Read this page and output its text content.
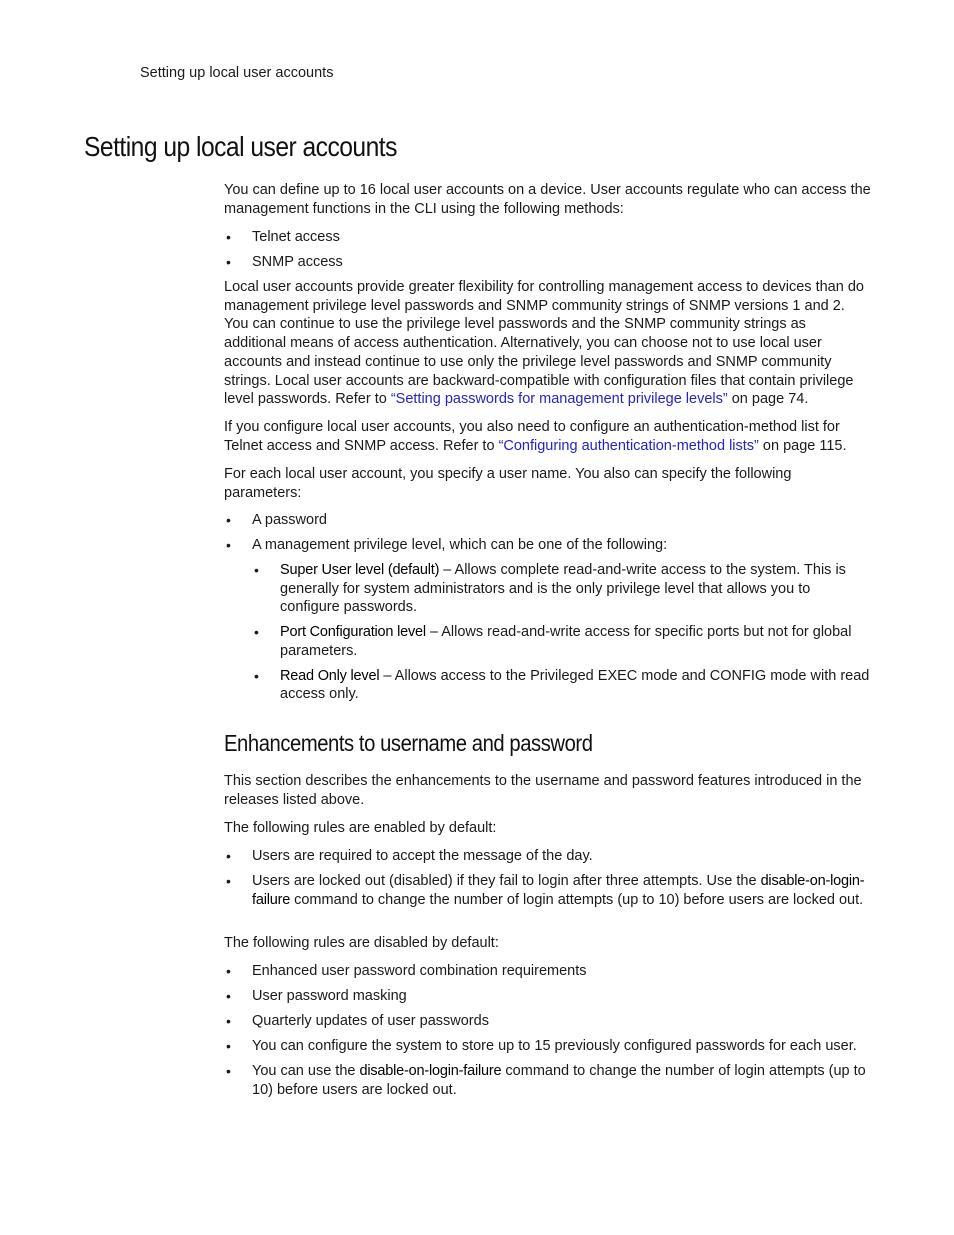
Setting up local user accounts
Setting up local user accounts

You can define up to 16 local user accounts on a device. User accounts regulate who can access the management functions in the CLI using the following methods:

• Telnet access
• SNMP access

Local user accounts provide greater flexibility for controlling management access to devices than do management privilege level passwords and SNMP community strings of SNMP versions 1 and 2. You can continue to use the privilege level passwords and the SNMP community strings as additional means of access authentication. Alternatively, you can choose not to use local user accounts and instead continue to use only the privilege level passwords and SNMP community strings. Local user accounts are backward-compatible with configuration files that contain privilege level passwords. Refer to “Setting passwords for management privilege levels” on page 74.

If you configure local user accounts, you also need to configure an authentication-method list for Telnet access and SNMP access. Refer to “Configuring authentication-method lists” on page 115.

For each local user account, you specify a user name. You also can specify the following parameters:

• A password
• A management privilege level, which can be one of the following:
• Super User level (default) – Allows complete read-and-write access to the system. This is generally for system administrators and is the only privilege level that allows you to configure passwords.
• Port Configuration level – Allows read-and-write access for specific ports but not for global parameters.
• Read Only level – Allows access to the Privileged EXEC mode and CONFIG mode with read access only.
Enhancements to username and password

This section describes the enhancements to the username and password features introduced in the releases listed above.

The following rules are enabled by default:

• Users are required to accept the message of the day.
• Users are locked out (disabled) if they fail to login after three attempts. Use the disable-on-login-failure command to change the number of login attempts (up to 10) before users are locked out.

The following rules are disabled by default:

• Enhanced user password combination requirements
• User password masking
• Quarterly updates of user passwords
• You can configure the system to store up to 15 previously configured passwords for each user.
• You can use the disable-on-login-failure command to change the number of login attempts (up to 10) before users are locked out.
